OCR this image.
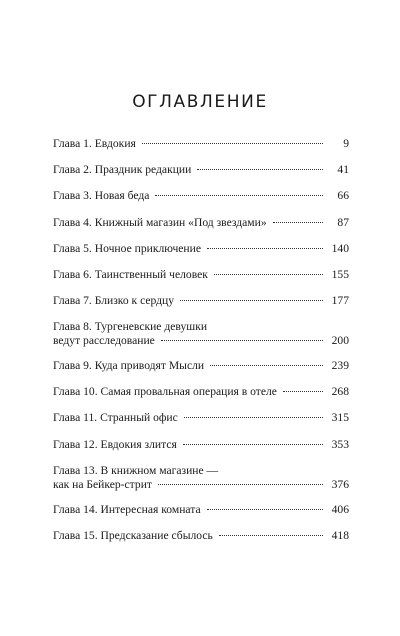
ОГЛАВЛЕНИЕ
Глава 1. Евдокия	9
Глава 2. Праздник редакции	41
Глава 3. Новая беда	66
Глава 4. Книжный магазин «Под звездами»	87
Глава 5. Ночное приключение	140
Глава 6. Таинственный человек	155
Глава 7. Близко к сердцу	177
Глава 8. Тургеневские девушки
ведут расследование	200
Глава 9. Куда приводят Мысли	239
Глава 10. Самая провальная операция в отеле	268
Глава 11. Странный офис	315
Глава 12. Евдокия злится	353
Глава 13. В книжном магазине —
как на Бейкер-стрит	376
Глава 14. Интересная комната	406
Глава 15. Предсказание сбылось	418
